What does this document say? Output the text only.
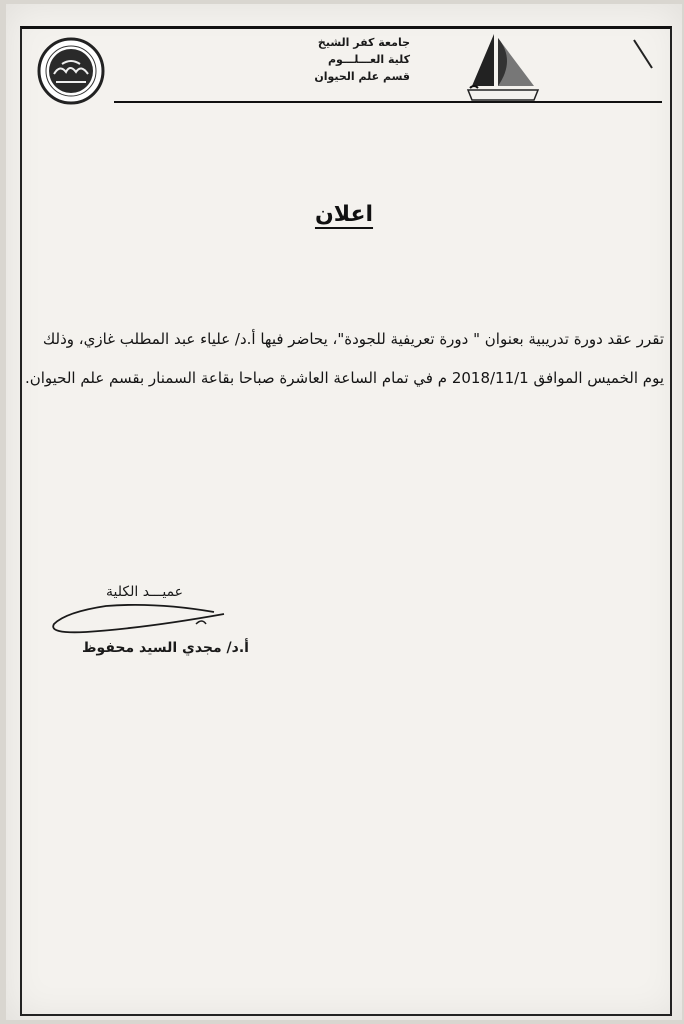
جامعة كفر الشيخ
كلية العـــلـــوم
قسم علم الحيوان
اعلان
تقرر عقد دورة تدريبية بعنوان " دورة تعريفية للجودة"، يحاضر فيها أ.د/ علياء عبد المطلب غازي، وذلك
يوم الخميس الموافق 2018/11/1 م في تمام الساعة العاشرة صباحا بقاعة السمنار بقسم علم الحيوان.
عميـــد الكلية
أ.د/ مجدي السيد محفوظ
